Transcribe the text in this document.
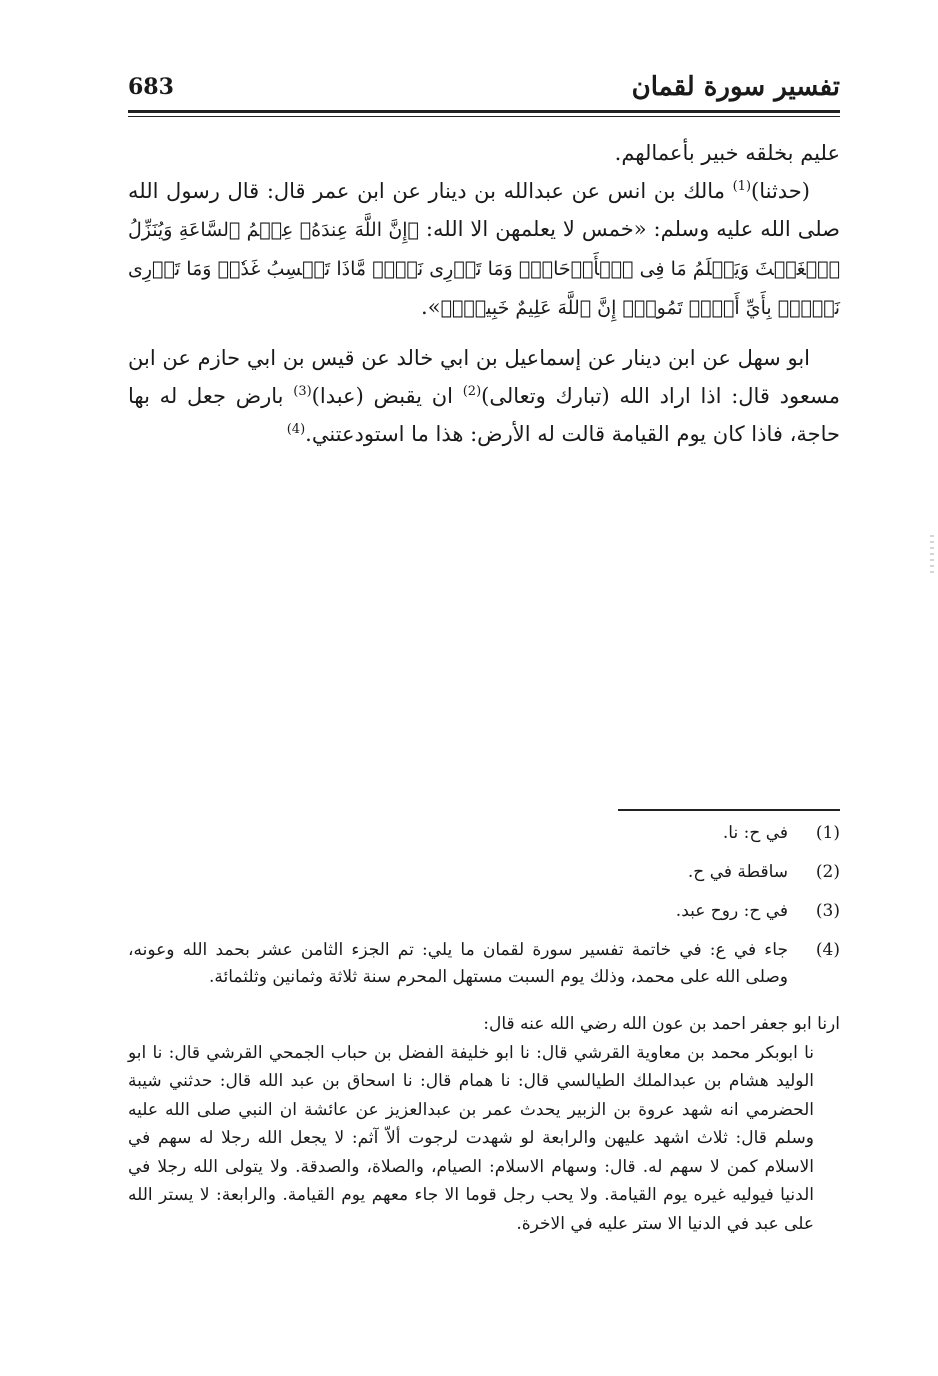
تفسير سورة لقمان
683

عليم بخلقه خبير بأعمالهم.

(حدثنا)$^{(1)}$ مالك بن انس عن عبدالله بن دينار عن ابن عمر قال: قال رسول الله صلى الله عليه وسلم: «خمس لا يعلمهن الا الله: ﴿إِنَّ اللَّهَ عِندَهُۥ عِلۡمُ ٱلسَّاعَةِ وَيُنَزِّلُ ٱلۡغَيۡثَ وَيَعۡلَمُ مَا فِى ٱلۡأَرۡحَامِۖ وَمَا تَدۡرِى نَفۡسٞ مَّاذَا تَكۡسِبُ غَدٗاۖ وَمَا تَدۡرِى نَفۡسُۢ بِأَيِّ أَرۡضٖ تَمُوتُۚ إِنَّ ٱللَّهَ عَلِيمٌ خَبِيرُۢ﴾».

ابو سهل عن ابن دينار عن إسماعيل بن ابي خالد عن قيس بن ابي حازم عن ابن مسعود قال: اذا اراد الله (تبارك وتعالى)$^{(2)}$ ان يقبض (عبدا)$^{(3)}$ بارض جعل له بها حاجة، فاذا كان يوم القيامة قالت له الأرض: هذا ما استودعتني.$^{(4)}$

(1)
في ح: نا.
(2)
ساقطة في ح.
(3)
في ح: روح عبد.
(4)
جاء في ع: في خاتمة تفسير سورة لقمان ما يلي: تم الجزء الثامن عشر بحمد الله وعونه، وصلى الله على محمد، وذلك يوم السبت مستهل المحرم سنة ثلاثة وثمانين وثلثمائة.

ارنا ابو جعفر احمد بن عون الله رضي الله عنه قال:

نا ابوبكر محمد بن معاوية القرشي قال: نا ابو خليفة الفضل بن حباب الجمحي القرشي قال: نا ابو الوليد هشام بن عبدالملك الطيالسي قال: نا همام قال: نا اسحاق بن عبد الله قال: حدثني شيبة الحضرمي انه شهد عروة بن الزبير يحدث عمر بن عبدالعزيز عن عائشة ان النبي صلى الله عليه وسلم قال: ثلاث اشهد عليهن والرابعة لو شهدت لرجوت ألاّ آثم: لا يجعل الله رجلا له سهم في الاسلام كمن لا سهم له. قال: وسهام الاسلام: الصيام، والصلاة، والصدقة. ولا يتولى الله رجلا في الدنيا فيوليه غيره يوم القيامة. ولا يحب رجل قوما الا جاء معهم يوم القيامة. والرابعة: لا يستر الله على عبد في الدنيا الا ستر عليه في الاخرة.
